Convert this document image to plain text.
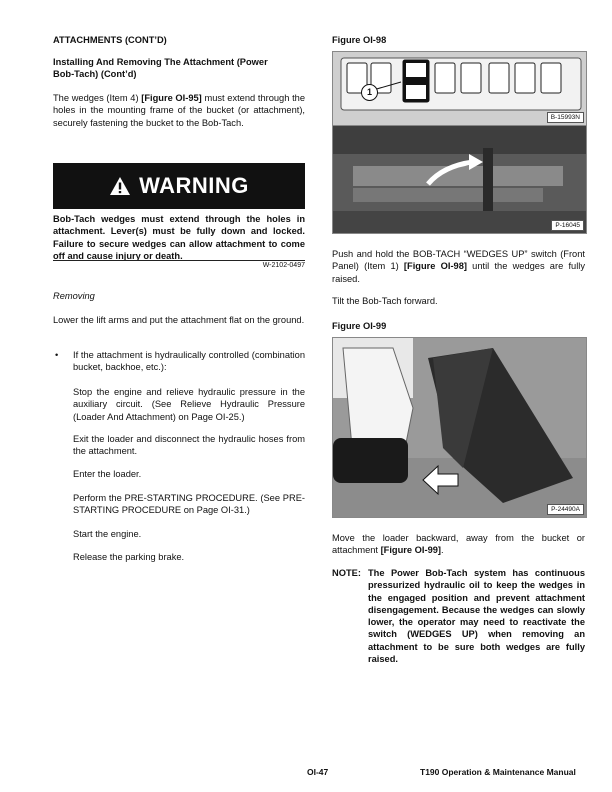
ATTACHMENTS (CONT’D)
Installing And Removing The Attachment (Power
Bob-Tach) (Cont’d)
The wedges (Item 4) [Figure OI-95] must extend through the holes in the mounting frame of the bucket (or attachment), securely fastening the bucket to the Bob-Tach.
WARNING
Bob-Tach wedges must extend through the holes in attachment. Lever(s) must be fully down and locked. Failure to secure wedges can allow attachment to come off and cause injury or death.
W-2102-0497
Removing
Lower the lift arms and put the attachment flat on the ground.
• If the attachment is hydraulically controlled (combination bucket, backhoe, etc.):
Stop the engine and relieve hydraulic pressure in the auxiliary circuit. (See Relieve Hydraulic Pressure (Loader And Attachment) on Page OI-25.)
Exit the loader and disconnect the hydraulic hoses from the attachment.
Enter the loader.
Perform the PRE-STARTING PROCEDURE. (See PRE-STARTING PROCEDURE on Page OI-31.)
Start the engine.
Release the parking brake.
Figure OI-98
1
B-15993N
P-16045
Push and hold the BOB-TACH “WEDGES UP” switch (Front Panel) (Item 1) [Figure OI-98] until the wedges are fully raised.
Tilt the Bob-Tach forward.
Figure OI-99
P-24490A
Move the loader backward, away from the bucket or attachment [Figure OI-99].
NOTE: The Power Bob-Tach system has continuous pressurized hydraulic oil to keep the wedges in the engaged position and prevent attachment disengagement. Because the wedges can slowly lower, the operator may need to reactivate the switch (WEDGES UP) when removing an attachment to be sure both wedges are fully raised.
OI-47	T190 Operation & Maintenance Manual
